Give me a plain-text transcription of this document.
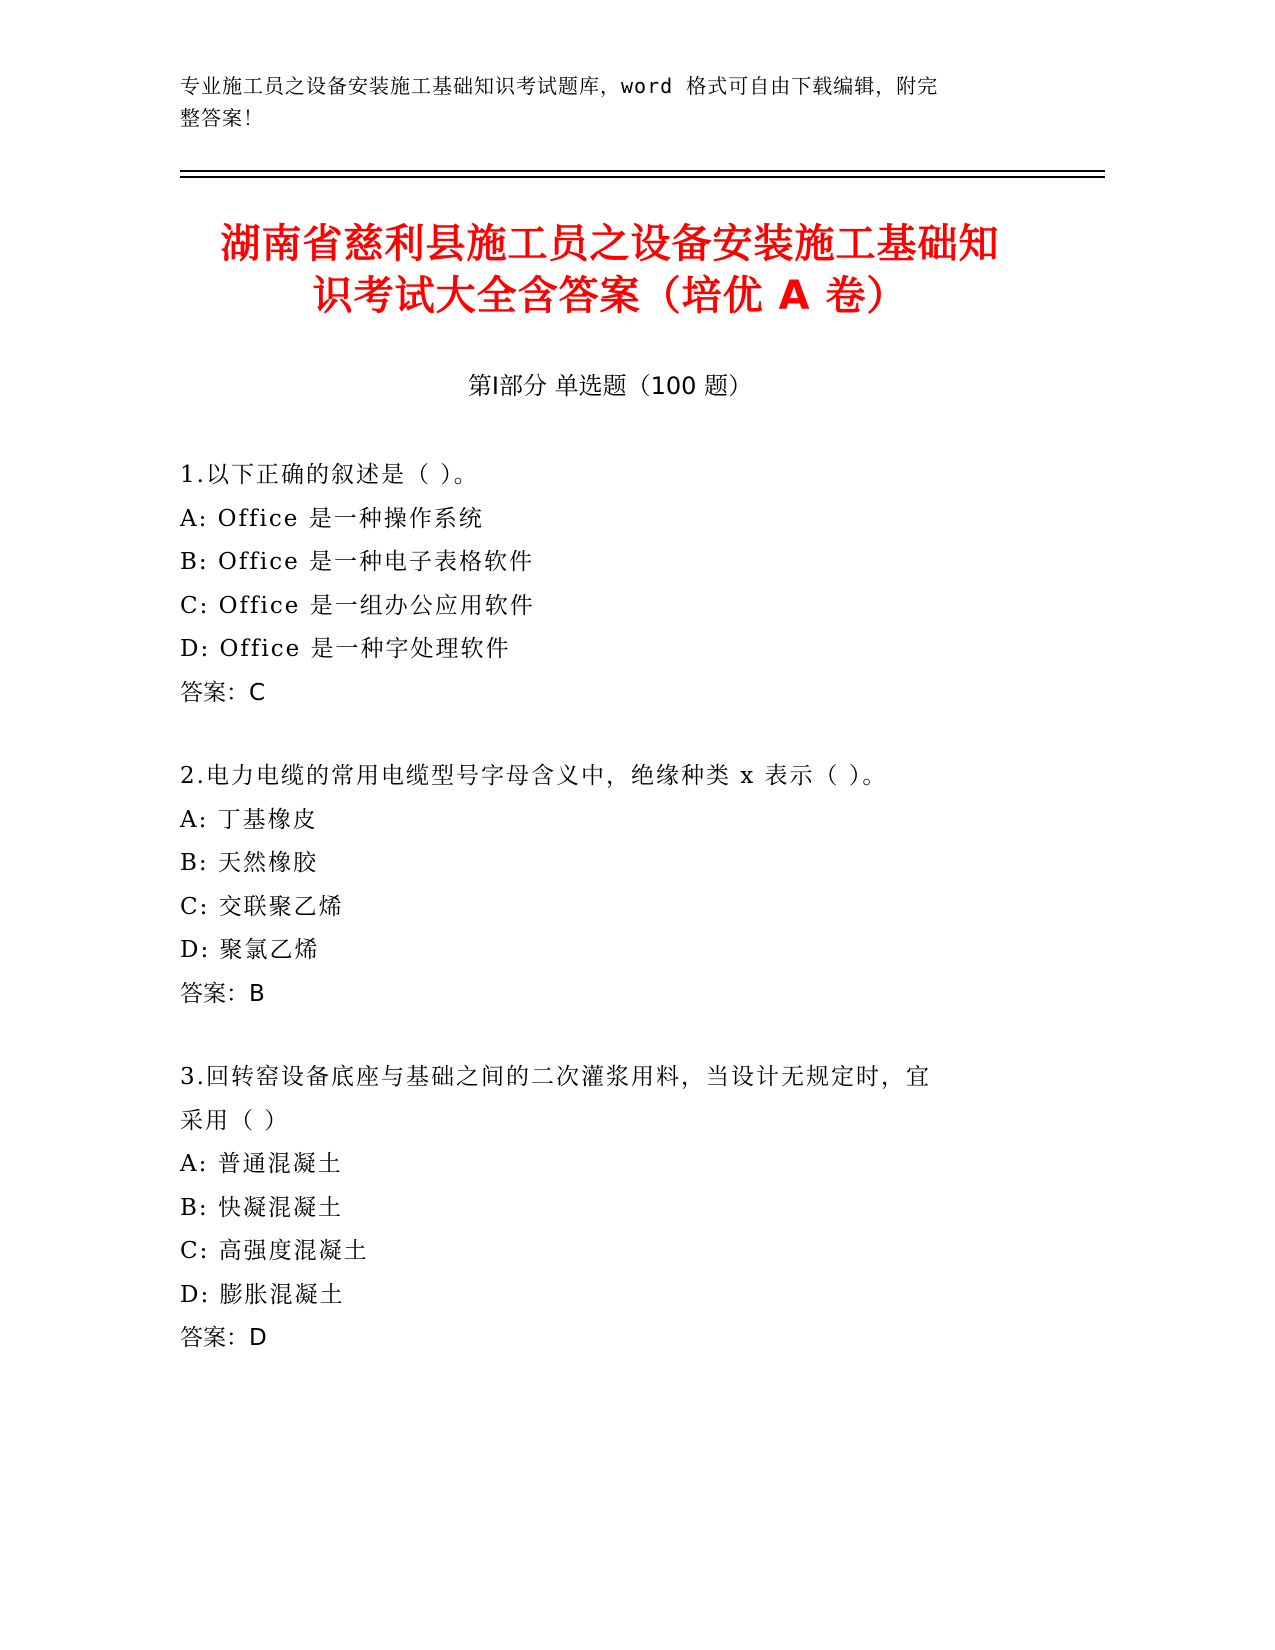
专业施工员之设备安装施工基础知识考试题库，word 格式可自由下载编辑，附完
整答案！
湖南省慈利县施工员之设备安装施工基础知
识考试大全含答案（培优 A 卷）
第Ⅰ部分 单选题（100 题）

1.以下正确的叙述是（ ）。

A: Office 是一种操作系统

B: Office 是一种电子表格软件

C: Office 是一组办公应用软件

D: Office 是一种字处理软件

答案：C

2.电力电缆的常用电缆型号字母含义中，绝缘种类 x 表示（ ）。

A: 丁基橡皮

B: 天然橡胶

C: 交联聚乙烯

D: 聚氯乙烯

答案：B

3.回转窑设备底座与基础之间的二次灌浆用料，当设计无规定时，宜

采用（ ）

A: 普通混凝土

B: 快凝混凝土

C: 高强度混凝土

D: 膨胀混凝土

答案：D
